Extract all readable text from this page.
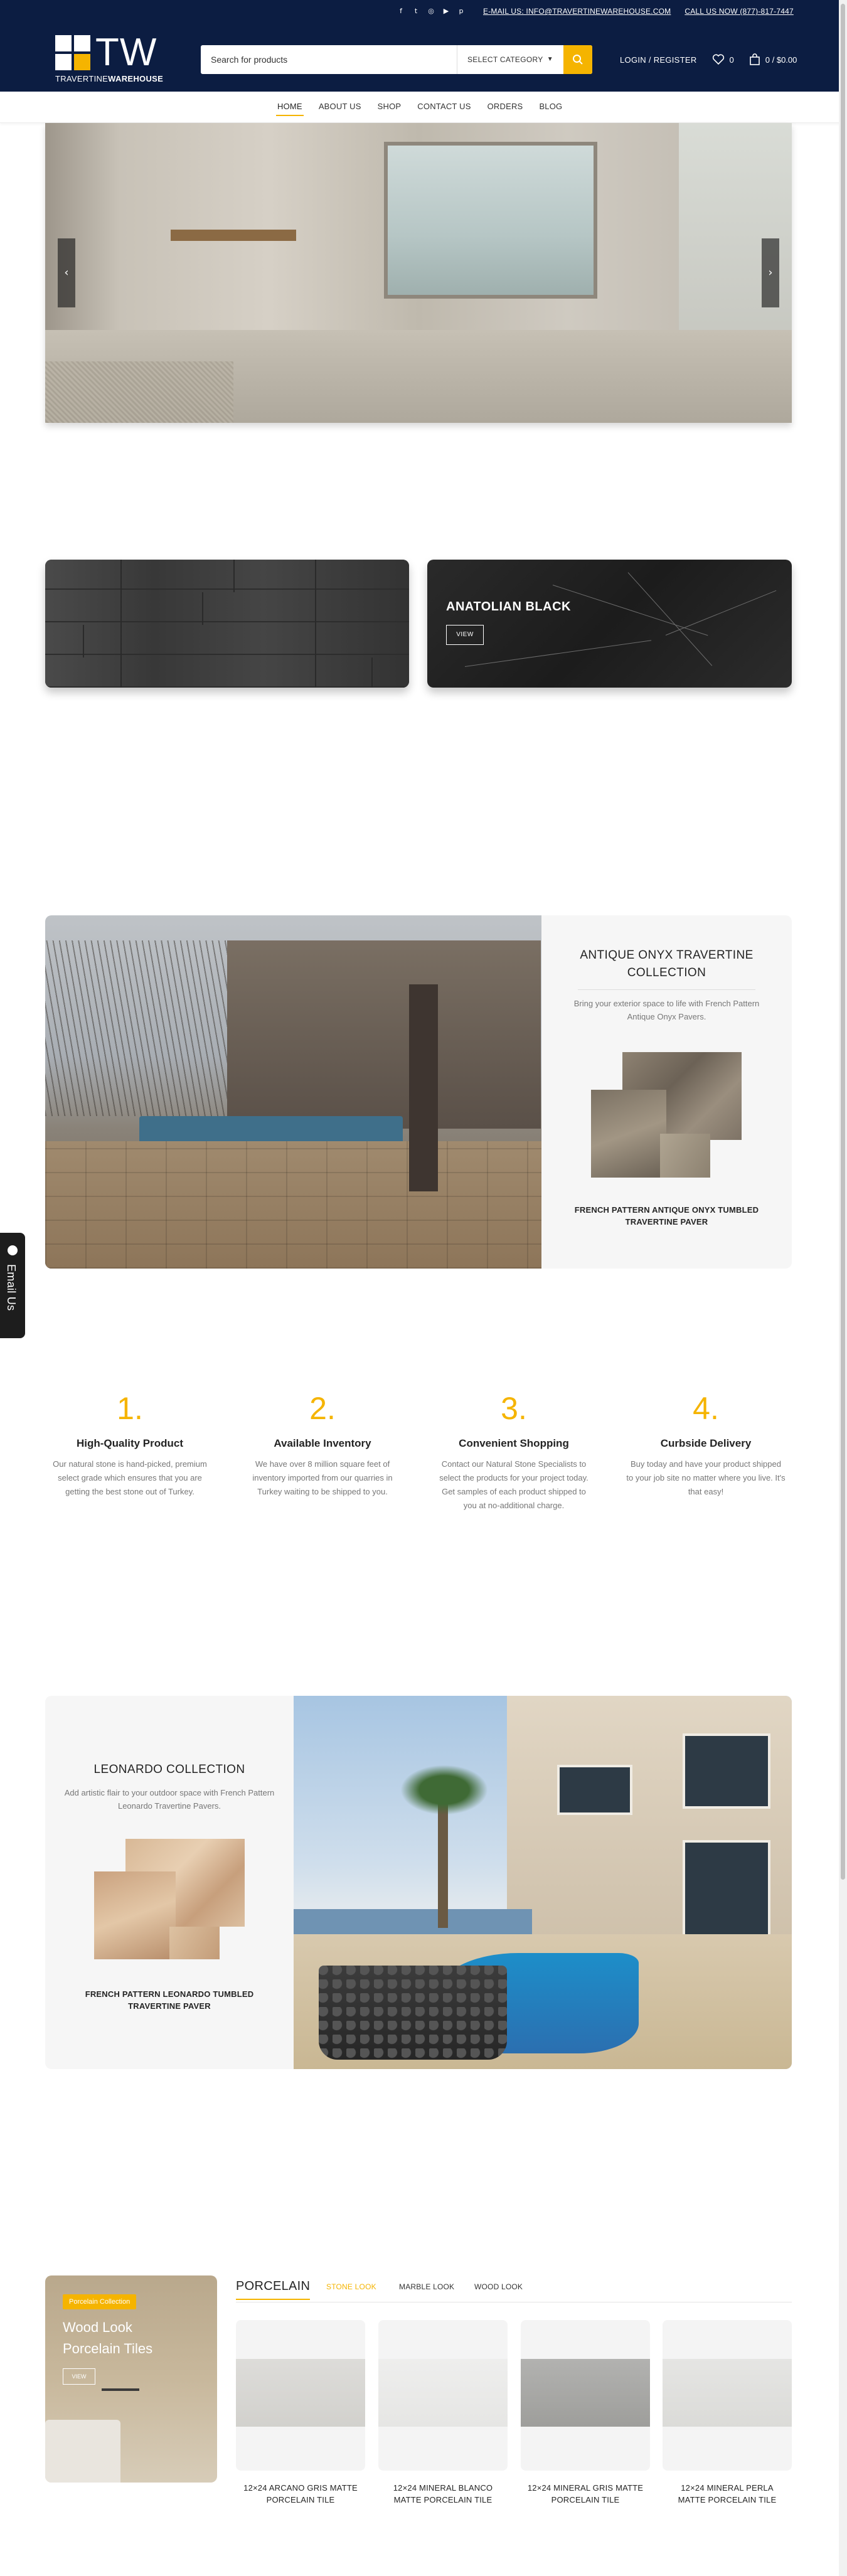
f	t	◎ ▶	p	E-MAIL US: INFO@TRAVERTINEWAREHOUSE.COM CALL US NOW (877)-817-7447
TW
TRAVERTINEWAREHOUSE
Search for products
SELECT CATEGORY ▼	LOGIN / REGISTER	0	0 / $0.00
HOME ABOUT US SHOP CONTACT US ORDERS BLOG
‹	›
ANATOLIAN BLACK
VIEW
ANTIQUE ONYX TRAVERTINE COLLECTION
Bring your exterior space to life with French Pattern Antique Onyx Pavers.
FRENCH PATTERN ANTIQUE ONYX TUMBLED TRAVERTINE PAVER
1.
High-Quality Product
Our natural stone is hand-picked, premium select grade which ensures that you are getting the best stone out of Turkey.
2.
Available Inventory
We have over 8 million square feet of inventory imported from our quarries in Turkey waiting to be shipped to you.
3.
Convenient Shopping
Contact our Natural Stone Specialists to select the products for your project today. Get samples of each product shipped to you at no-additional charge.
4.
Curbside Delivery
Buy today and have your product shipped to your job site no matter where you live. It's that easy!
LEONARDO COLLECTION
Add artistic flair to your outdoor space with French Pattern Leonardo Travertine Pavers.
FRENCH PATTERN LEONARDO TUMBLED TRAVERTINE PAVER
Porcelain Collection
Wood Look Porcelain Tiles
VIEW
PORCELAIN STONE LOOK	MARBLE LOOK	WOOD LOOK
12×24 ARCANO GRIS MATTE PORCELAIN TILE
12×24 MINERAL BLANCO MATTE PORCELAIN TILE
12×24 MINERAL GRIS MATTE PORCELAIN TILE
12×24 MINERAL PERLA MATTE PORCELAIN TILE
Email Us
